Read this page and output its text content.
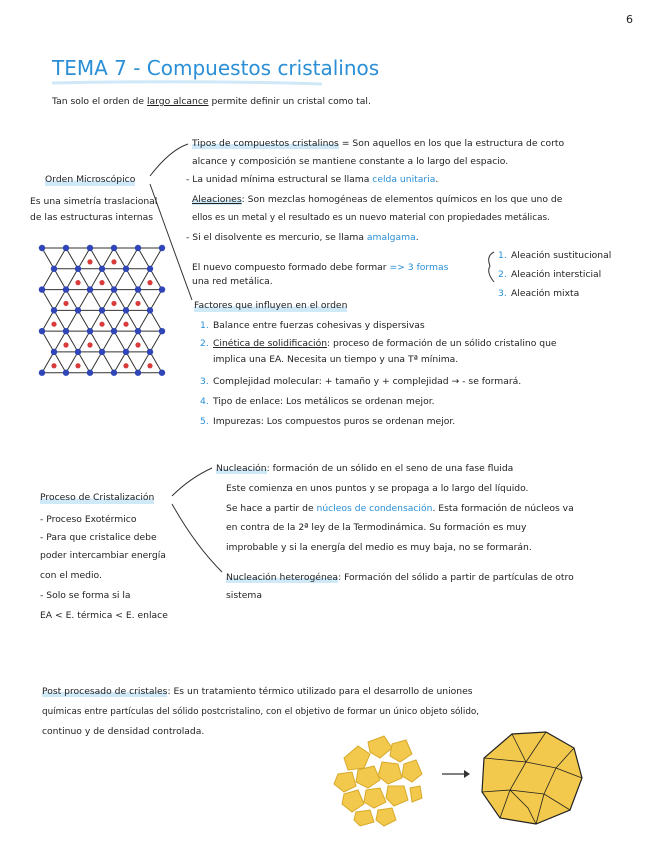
6
TEMA 7 - Compuestos cristalinos
Tan solo el orden de largo alcance permite definir un cristal como tal.
Orden Microscópico
Es una simetría traslacional
de las estructuras internas
Tipos de compuestos cristalinos = Son aquellos en los que la estructura de corto
alcance y composición se mantiene constante a lo largo del espacio.
- La unidad mínima estructural se llama celda unitaria.
Aleaciones: Son mezclas homogéneas de elementos químicos en los que uno de
ellos es un metal y el resultado es un nuevo material con propiedades metálicas.
- Si el disolvente es mercurio, se llama amalgama.
El nuevo compuesto formado debe formar => 3 formas
una red metálica.
1. Aleación sustitucional
2. Aleación intersticial
3. Aleación mixta
Factores que influyen en el orden
1. Balance entre fuerzas cohesivas y dispersivas
2. Cinética de solidificación: proceso de formación de un sólido cristalino que
implica una EA. Necesita un tiempo y una Tª mínima.
3. Complejidad molecular: + tamaño y + complejidad → - se formará.
4. Tipo de enlace: Los metálicos se ordenan mejor.
5. Impurezas: Los compuestos puros se ordenan mejor.
Proceso de Cristalización
- Proceso Exotérmico
- Para que cristalice debe
poder intercambiar energía
con el medio.
- Solo se forma si la
EA < E. térmica < E. enlace
Nucleación: formación de un sólido en el seno de una fase fluida
Este comienza en unos puntos y se propaga a lo largo del líquido.
Se hace a partir de núcleos de condensación. Esta formación de núcleos va
en contra de la 2ª ley de la Termodinámica. Su formación es muy
improbable y si la energía del medio es muy baja, no se formarán.
Nucleación heterogénea: Formación del sólido a partir de partículas de otro
sistema
Post procesado de cristales: Es un tratamiento térmico utilizado para el desarrollo de uniones
químicas entre partículas del sólido postcristalino, con el objetivo de formar un único objeto sólido,
continuo y de densidad controlada.
